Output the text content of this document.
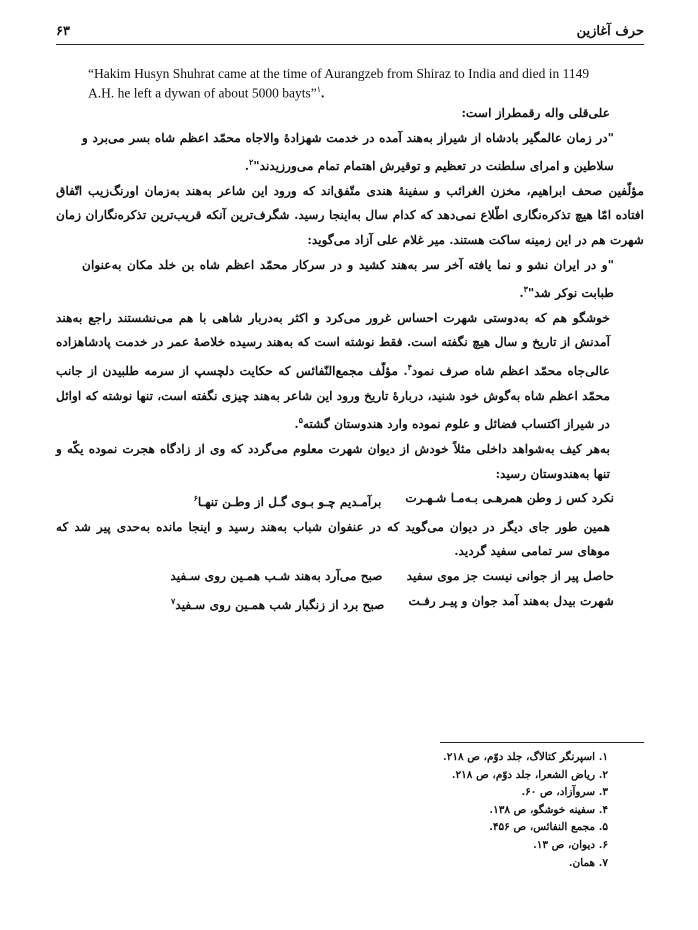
حرف آغازین
۶۳
“Hakim Husyn Shuhrat came at the time of Aurangzeb from Shiraz to India and died in 1149 A.H. he left a dywan of about 5000 bayts”$^١$.

علی‌قلی واله رقمطراز است:

"در زمان عالمگیر بادشاه از شیراز به‌هند آمده در خدمت شهزادهٔ والاجاه محمّد اعظم شاه بسر می‌برد و سلاطین و امرای سلطنت در تعظیم و توقیرش اهتمام تمام می‌ورزیدند"$^۲$.

مؤلّفین صحف ابراهیم، مخزن الغرائب و سفینهٔ هندی متّفق‌اند که ورود این شاعر به‌هند به‌زمان اورنگ‌زیب اتّفاق افتاده امّا هیچ تذکره‌نگاری اطّلاع نمی‌دهد که کدام سال به‌اینجا رسید. شگرف‌ترین آنکه قریب‌ترین تذکره‌نگاران زمان شهرت هم در این زمینه ساکت هستند. میر غلام علی آزاد می‌گوید:

"و در ایران نشو و نما یافته آخر سر به‌هند کشید و در سرکار محمّد اعظم شاه بن خلد مکان به‌عنوان طبابت نوکر شد"$^۳$.

خوشگو هم که به‌دوستی شهرت احساس غرور می‌کرد و اکثر به‌دربار شاهی با هم می‌نشستند راجع به‌هند آمدنش از تاریخ و سال هیچ نگفته است. فقط نوشته است که به‌هند رسیده خلاصهٔ عمر در خدمت پادشاهزاده عالی‌جاه محمّد اعظم شاه صرف نمود$^۴$. مؤلّف مجمع‌النّفائس که حکایت دلچسپ از سرمه طلبیدن از جانب محمّد اعظم شاه به‌گوش خود شنید، دربارهٔ تاریخ ورود این شاعر به‌هند چیزی نگفته است، تنها نوشته که اوائل در شیراز اکتساب فضائل و علوم نموده وارد هندوستان گشته$^۵$.

به‌هر کیف به‌شواهد داخلی مثلاً خودش از دیوان شهرت معلوم می‌گردد که وی از زادگاه هجرت نموده یکّه و تنها به‌هندوستان رسید:

نکرد کس ز وطن همرهـی بـه‌مـا شـهـرت
برآمـدیم چـو بـوی گـل از وطـن تنهـا$^۶$

همین طور جای دیگر در دیوان می‌گوید که در عنفوان شباب به‌هند رسید و اینجا مانده به‌حدی پیر شد که موهای سر تمامی سفید گردید.

حاصل پیر از جوانی نیست جز موی سفید
صبح می‌آرد به‌هند شـب همـین روی سـفید
شهرت بیدل به‌هند آمد جوان و پیـر رفـت
صبح برد از زنگبار شب همـین روی سـفید$^۷$
۱. اسپرنگر کتالاگ، جلد دوّم، ص ۲۱۸.
۲. ریاض الشعرا، جلد دوّم، ص ۲۱۸.
۳. سروآزاد، ص ۶۰.
۴. سفینه خوشگو، ص ۱۳۸.
۵. مجمع النفائس، ص ۴۵۶.
۶. دیوان، ص ۱۳.
۷. همان.
